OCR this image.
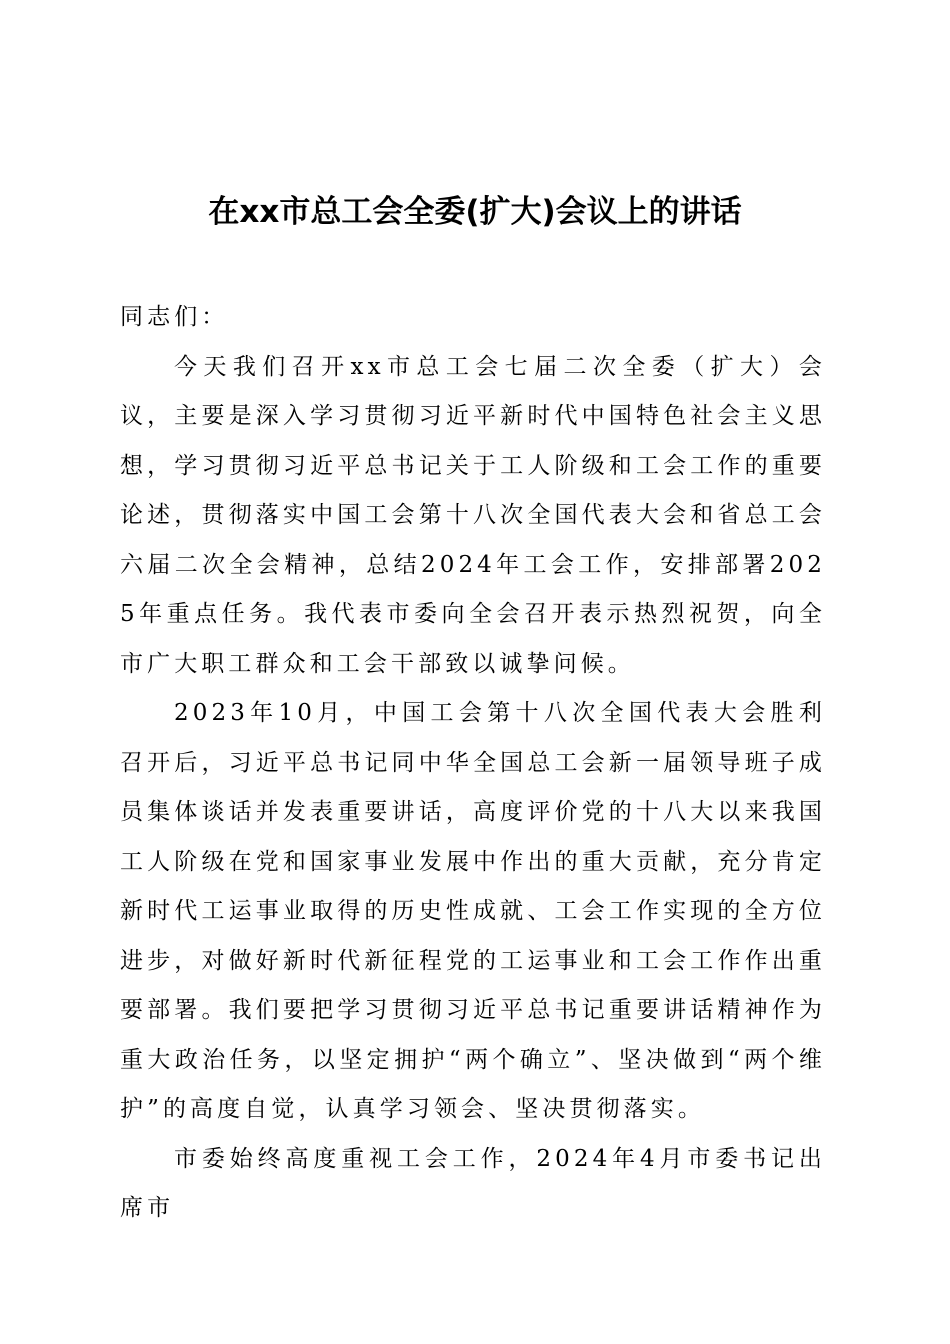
在xx市总工会全委(扩大)会议上的讲话

同志们：

今天我们召开xx市总工会七届二次全委（扩大）会议，主要是深入学习贯彻习近平新时代中国特色社会主义思想，学习贯彻习近平总书记关于工人阶级和工会工作的重要论述，贯彻落实中国工会第十八次全国代表大会和省总工会六届二次全会精神，总结2024年工会工作，安排部署2025年重点任务。我代表市委向全会召开表示热烈祝贺，向全市广大职工群众和工会干部致以诚挚问候。

2023年10月，中国工会第十八次全国代表大会胜利召开后，习近平总书记同中华全国总工会新一届领导班子成员集体谈话并发表重要讲话，高度评价党的十八大以来我国工人阶级在党和国家事业发展中作出的重大贡献，充分肯定新时代工运事业取得的历史性成就、工会工作实现的全方位进步，对做好新时代新征程党的工运事业和工会工作作出重要部署。我们要把学习贯彻习近平总书记重要讲话精神作为重大政治任务，以坚定拥护“两个确立”、坚决做到“两个维护”的高度自觉，认真学习领会、坚决贯彻落实。

市委始终高度重视工会工作，2024年4月市委书记出席市
